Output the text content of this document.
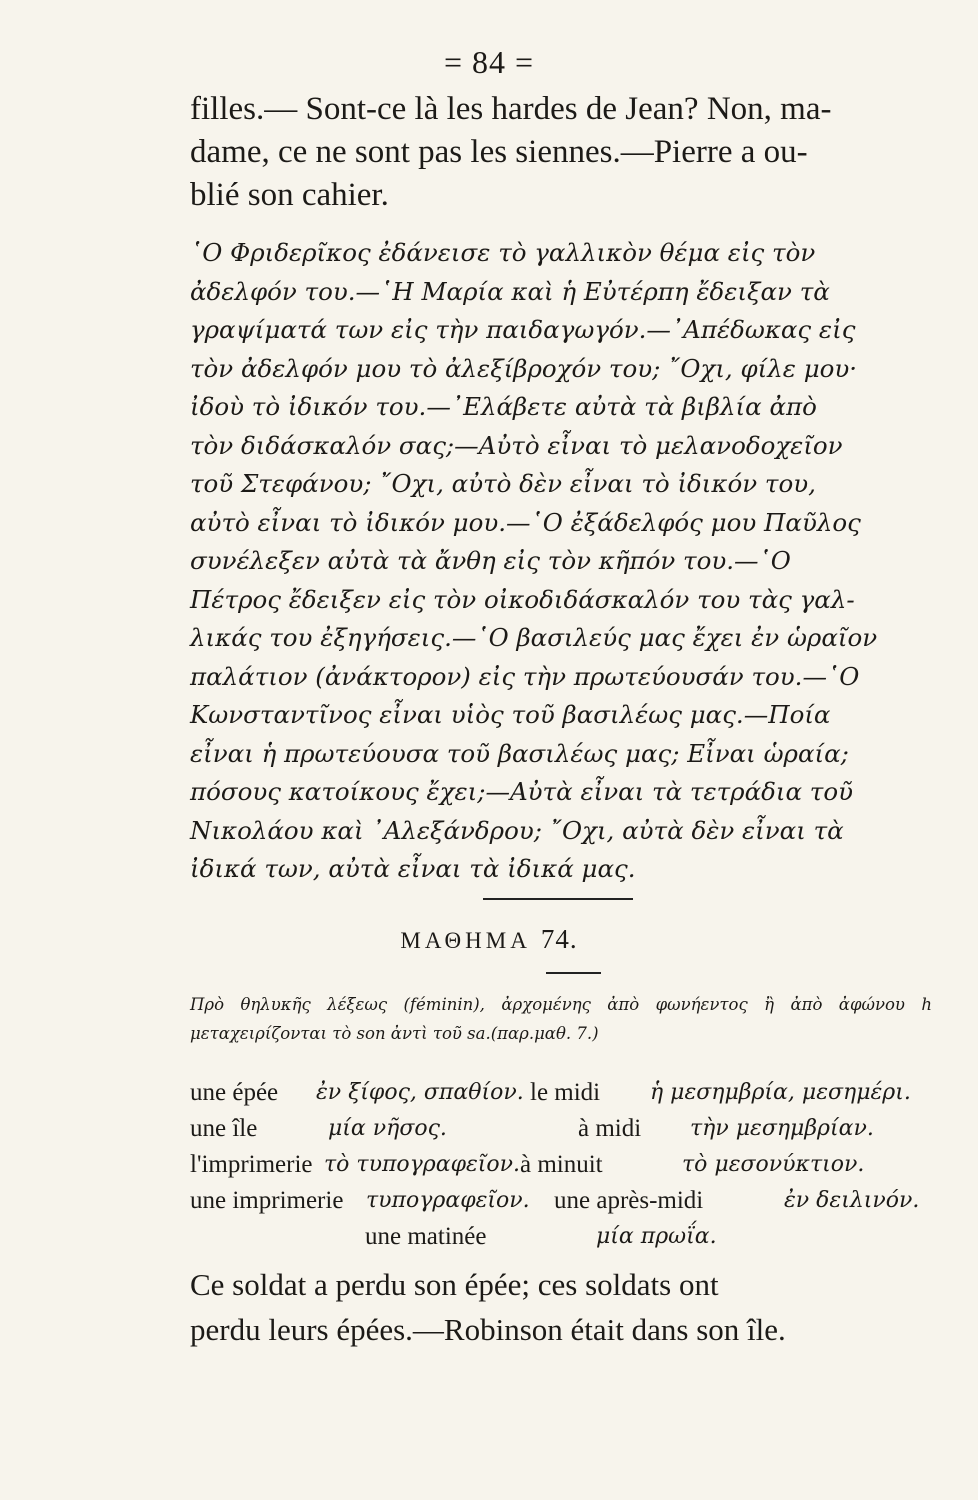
= 84 =

filles.— Sont-ce là les hardes de Jean? Non, ma-

dame, ce ne sont pas les siennes.—Pierre a ou-

blié son cahier.

῾Ο Φριδερῖκος ἐδάνεισε τὸ γαλλικὸν θέμα εἰς τὸν

ἀδελφόν του.—῾Η Μαρία καὶ ἡ Εὐτέρπη ἔδειξαν τὰ

γραψίματά των εἰς τὴν παιδαγωγόν.—᾿Απέδωκας εἰς

τὸν ἀδελφόν μου τὸ ἀλεξίβροχόν του; ῎Οχι, φίλε μου·

ἰδοὺ τὸ ἰδικόν του.—᾿Ελάβετε αὐτὰ τὰ βιβλία ἀπὸ

τὸν διδάσκαλόν σας;—Αὐτὸ εἶναι τὸ μελανοδοχεῖον

τοῦ Στεφάνου; ῎Οχι, αὐτὸ δὲν εἶναι τὸ ἰδικόν του,

αὐτὸ εἶναι τὸ ἰδικόν μου.—῾Ο ἐξάδελφός μου Παῦλος

συνέλεξεν αὐτὰ τὰ ἄνθη εἰς τὸν κῆπόν του.—῾Ο

Πέτρος ἔδειξεν εἰς τὸν οἰκοδιδάσκαλόν του τὰς γαλ-

λικάς του ἐξηγήσεις.—῾Ο βασιλεύς μας ἔχει ἐν ὡραῖον

παλάτιον (ἀνάκτορον) εἰς τὴν πρωτεύουσάν του.—῾Ο

Κωνσταντῖνος εἶναι υἱὸς τοῦ βασιλέως μας.—Ποία

εἶναι ἡ πρωτεύουσα τοῦ βασιλέως μας; Εἶναι ὡραία;

πόσους κατοίκους ἔχει;—Αὐτὰ εἶναι τὰ τετράδια τοῦ

Νικολάου καὶ ᾿Αλεξάνδρου; ῎Οχι, αὐτὰ δὲν εἶναι τὰ

ἰδικά των, αὐτὰ εἶναι τὰ ἰδικά μας.

ΜΑΘΗΜΑ 74.
Πρὸ θηλυκῆς λέξεως (féminin), ἀρχομένης ἀπὸ φωνήεντος ἢ ἀπὸ ἀφώνου h μεταχειρίζονται τὸ son ἀντὶ τοῦ sa.(παρ.μαθ. 7.)
une épée ἐν ξίφος, σπαθίον. le midi ἡ μεσημβρία, μεσημέρι.
une île	μία νῆσος.	à midi τὴν μεσημβρίαν.
l'imprimerie τὸ τυπογραφεῖον. à minuit	τὸ μεσονύκτιον.
une imprimerie τυπογραφεῖον. une après-midi	ἐν δειλινόν.
une matinée	μία πρωΐα.

Ce soldat a perdu son épée; ces soldats ont

perdu leurs épées.—Robinson était dans son île.
